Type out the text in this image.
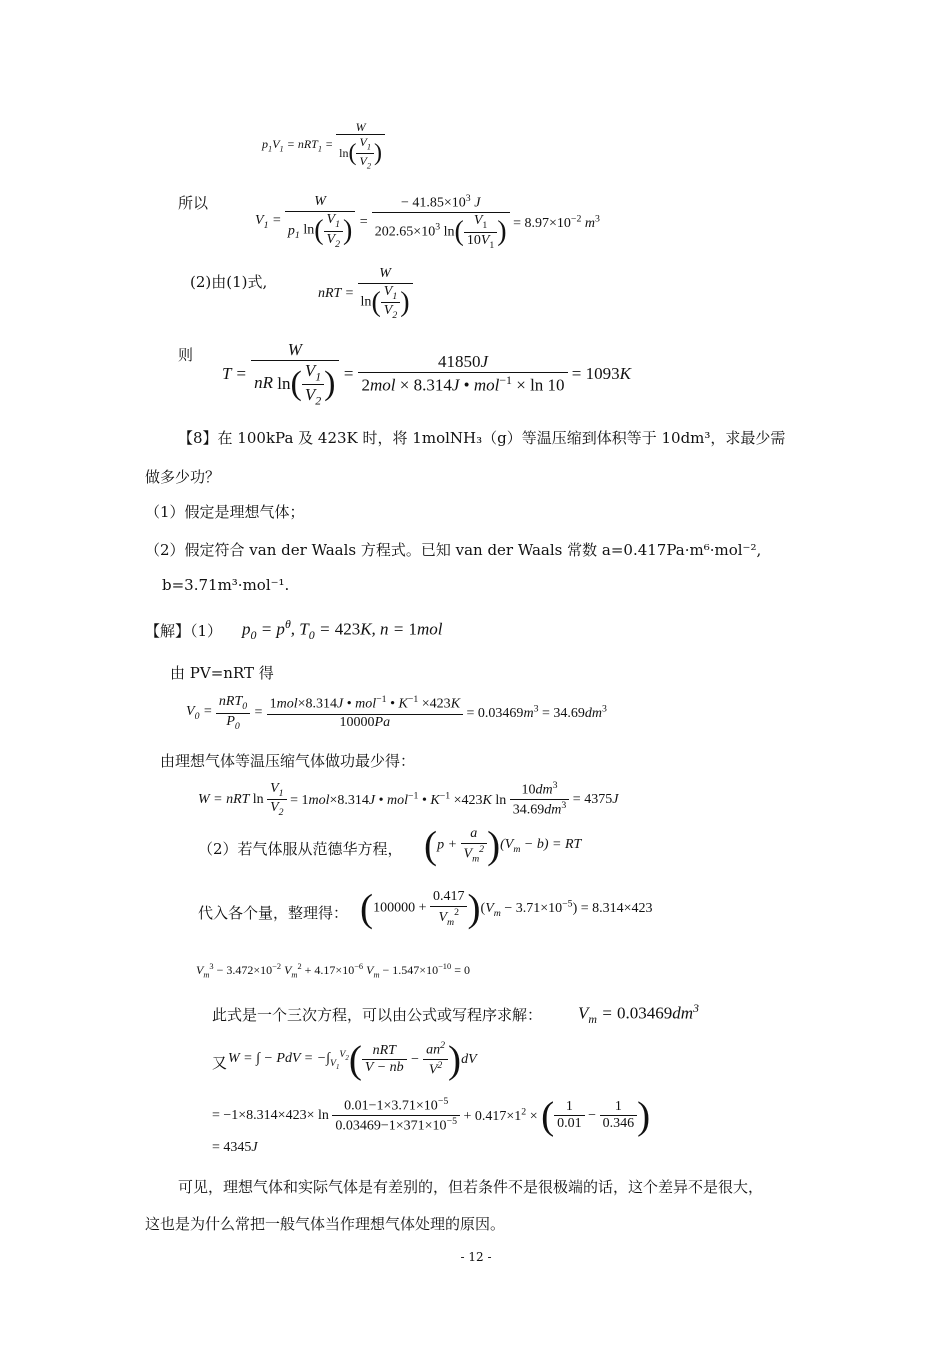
$p_1V_1 = nRT_1 = \frac{W}{\ln( \frac{V_1}{V_2} )}$
所以
$V_1 = \frac{W}{p_1 \ln( \frac{V_1}{V_2} )} = \frac{- 41.85\times 10^3 J}{202.65\times 10^3 \ln( \frac{V_1}{10V_1} )} = 8.97\times 10^{-2}$ $m^3$
(2)由(1)式,
nRT = $\frac{W}{\ln( \frac{V_1}{V_2} )}$
则
$T = \frac{W}{nR \ln( \frac{V_1}{V_2} )} = \frac{41850J}{2mol \times 8.314J • mol^{-1} \times \ln 10} = 1093K$
【8】在 100kPa 及 423K 时，将 1molNH₃（g）等温压缩到体积等于 10dm³，求最少需
做多少功？
（1）假定是理想气体；
（2）假定符合 van der Waals 方程式。已知 van der Waals 常数 a=0.417Pa·m⁶·mol⁻²,
b=3.71m³·mol⁻¹.
【解】（1） $p_0 = p^\theta$, $T_0 = 423K$, n = 1mol
由 PV=nRT 得
$V_0 = \frac{nRT_0}{P_0} = \frac{1mol\times 8.314J • mol^{-1} • K^{-1} \times 423K}{10000Pa} = 0.03469m^3 = 34.69dm^3$
由理想气体等温压缩气体做功最少得：
W = nRT $\ln \frac{V_1}{V_2} = 1mol\times 8.314J$ • mol$^{-1}$ • $K^{-1} \times 423K$ $\ln \frac{10dm^3}{34.69dm^3} = 4375J$
（2）若气体服从范德华方程， $(p + \frac{a}{V_m^2} )(V_m - b)$ = RT
代入各个量，整理得： $(100000 + \frac{0.417}{V_m^2} )(V_m - 3.71\times 10^{-5}) = 8.314\times 423$
$V_m^3 - 3.472\times 10^{-2}$ $V_m^2 + 4.17\times 10^{-6}$ $V_m - 1.547\times 10^{-10} = 0$
此式是一个三次方程，可以由公式或写程序求解： $V_m = 0.03469dm^3$
又 W = ∫ − PdV = $-\int_{V_1}^{V_2}( \frac{\text{nRT}}{V - nb} - \frac{an^2}{V^2} )dV$
= $-1\times 8.314\times 423\times \ln \frac{0.01-1\times 3.71\times 10^{-5}}{0.03469-1\times 371\times 10^{-5}} + 0.417\times 1^2$ × ( $\frac{1}{0.01} - \frac{1}{0.346}$ )
= 4345J
可见，理想气体和实际气体是有差别的，但若条件不是很极端的话，这个差异不是很大，
这也是为什么常把一般气体当作理想气体处理的原因。
- 12 -
